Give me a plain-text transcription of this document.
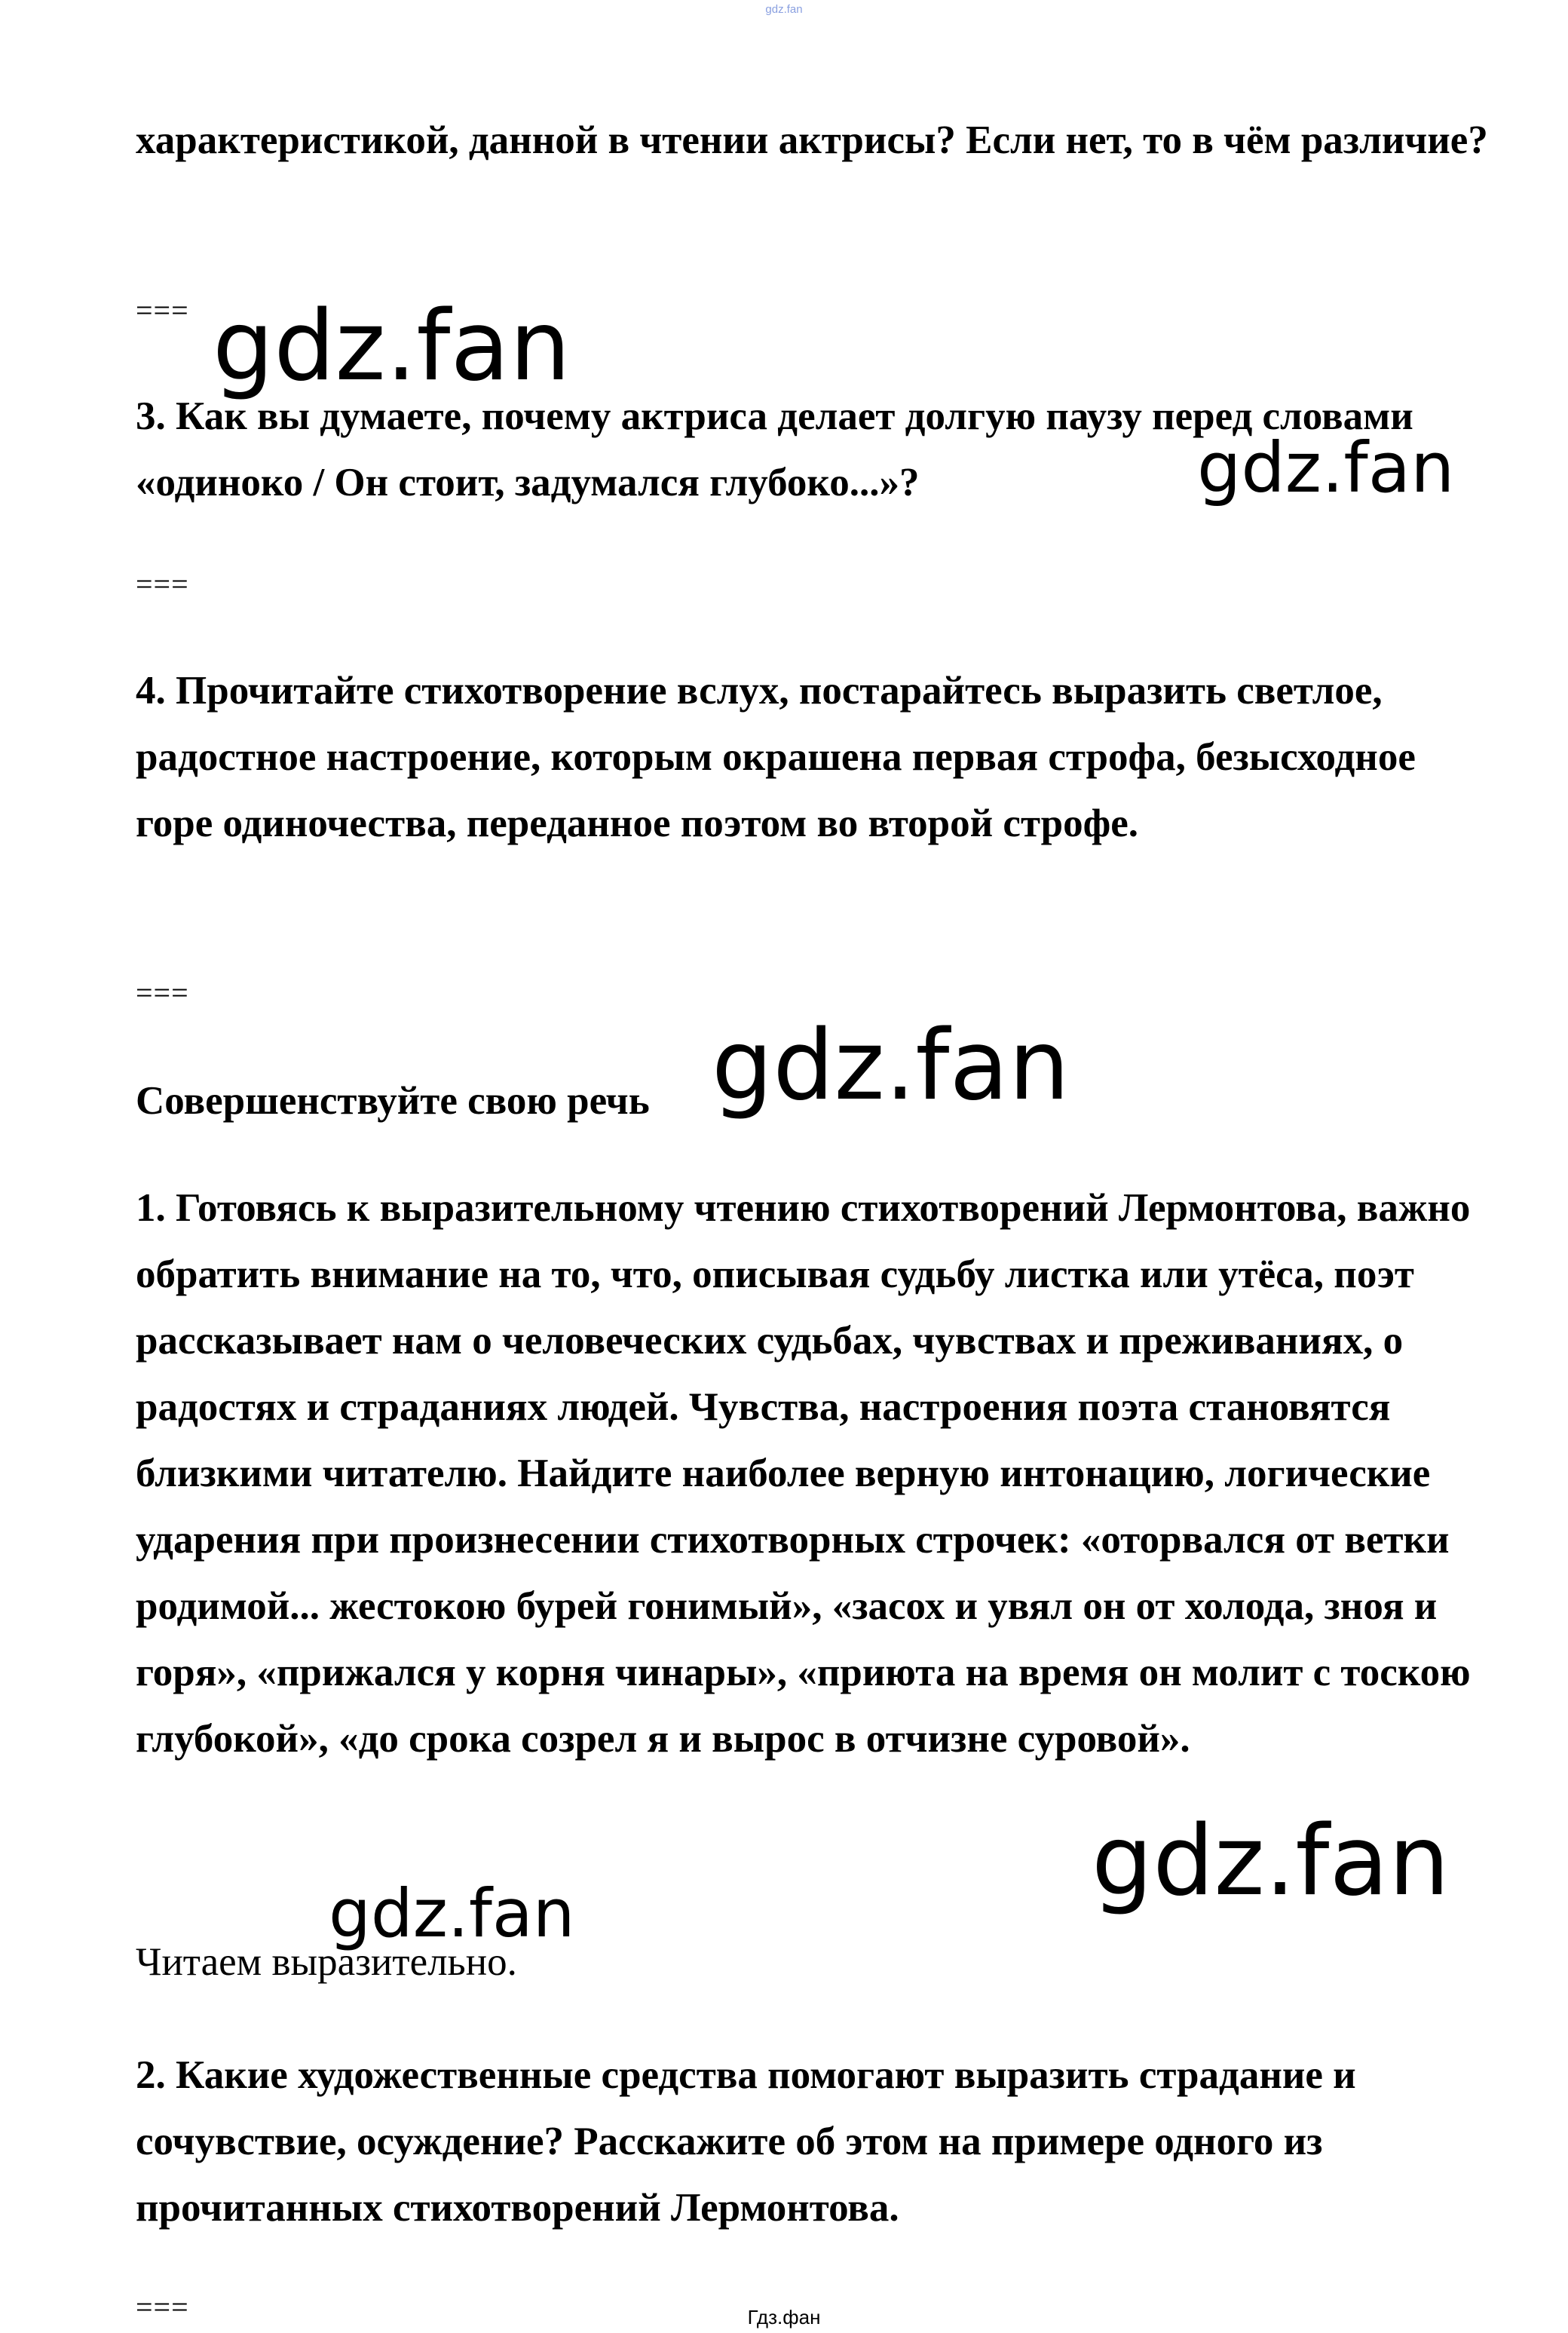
gdz.fan

характеристикой, данной в чтении актрисы? Если нет, то в чём различие?

===

3. Как вы думаете, почему актриса делает долгую паузу перед словами «одиноко / Он стоит, задумался глубоко...»?

===

4. Прочитайте стихотворение вслух, постарайтесь выразить светлое, радостное настроение, которым окрашена первая строфа, безысходное горе одиночества, переданное поэтом во второй строфе.

===

Совершенствуйте свою речь

1. Готовясь к выразительному чтению стихотворений Лермонтова, важно обратить внимание на то, что, описывая судьбу листка или утёса, поэт рассказывает нам о человеческих судьбах, чувствах и пpeживаниях, о радостях и страданиях людей. Чувства, настроения поэта становятся близкими читателю. Найдите наиболее верную интонацию, логические ударения при произнесении стихотворных строчек: «оторвался от ветки родимой... жестокою бурей гонимый», «засох и увял он от холода, зноя и горя», «прижался у корня чинары», «приюта на время он молит с тоскою глубокой», «до срока созрел я и вырос в отчизне суровой».

Читаем выразительно.

2. Какие художественные средства помогают выразить страдание и сочувствие, осуждение? Расскажите об этом на примере одного из прочитанных стихотворений Лермонтова.

===
gdz.fan
gdz.fan
gdz.fan
gdz.fan
gdz.fan
Гдз.фан
